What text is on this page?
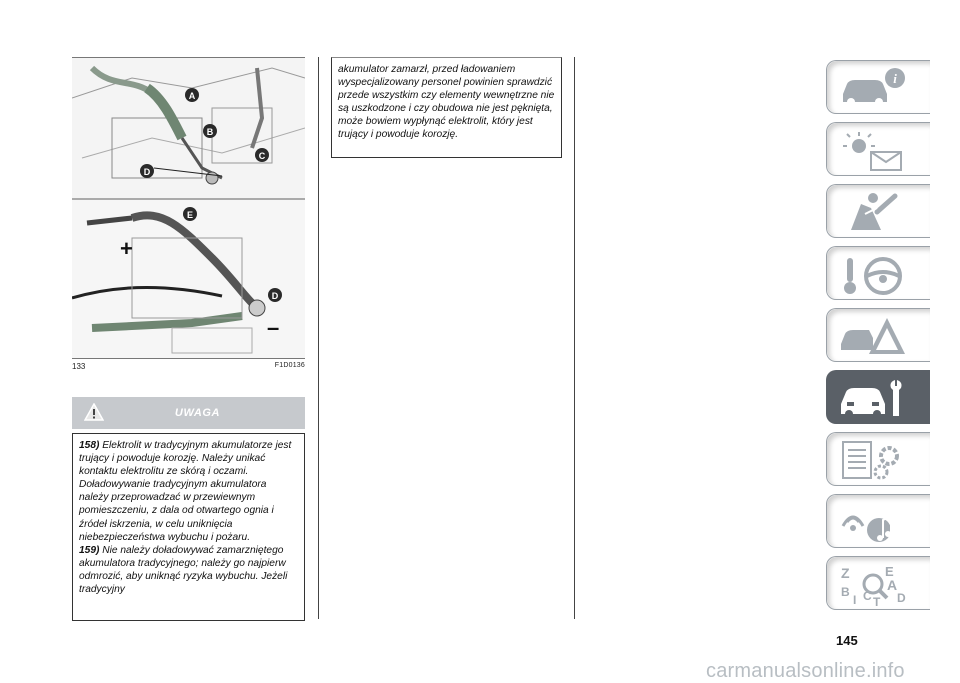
+
–
A
B
C
D
E
D
133	F1D0136
UWAGA

158) Elektrolit w tradycyjnym akumulatorze jest trujący i powoduje korozję. Należy unikać kontaktu elektrolitu ze skórą i oczami. Doładowywanie tradycyjnym akumulatora należy przeprowadzać w przewiewnym pomieszczeniu, z dala od otwartego ognia i źródeł iskrzenia, w celu uniknięcia niebezpieczeństwa wybuchu i pożaru.

159) Nie należy doładowywać zamarzniętego akumulatora tradycyjnego; należy go najpierw odmrozić, aby uniknąć ryzyka wybuchu. Jeżeli tradycyjny

akumulator zamarzł, przed ładowaniem wyspecjalizowany personel powinien sprawdzić przede wszystkim czy elementy wewnętrzne nie są uszkodzone i czy obudowa nie jest pęknięta, może bowiem wypłynąć elektrolit, który jest trujący i powoduje korozję.
i
Z	E
B	A
I C T D
145
carmanualsonline.info
